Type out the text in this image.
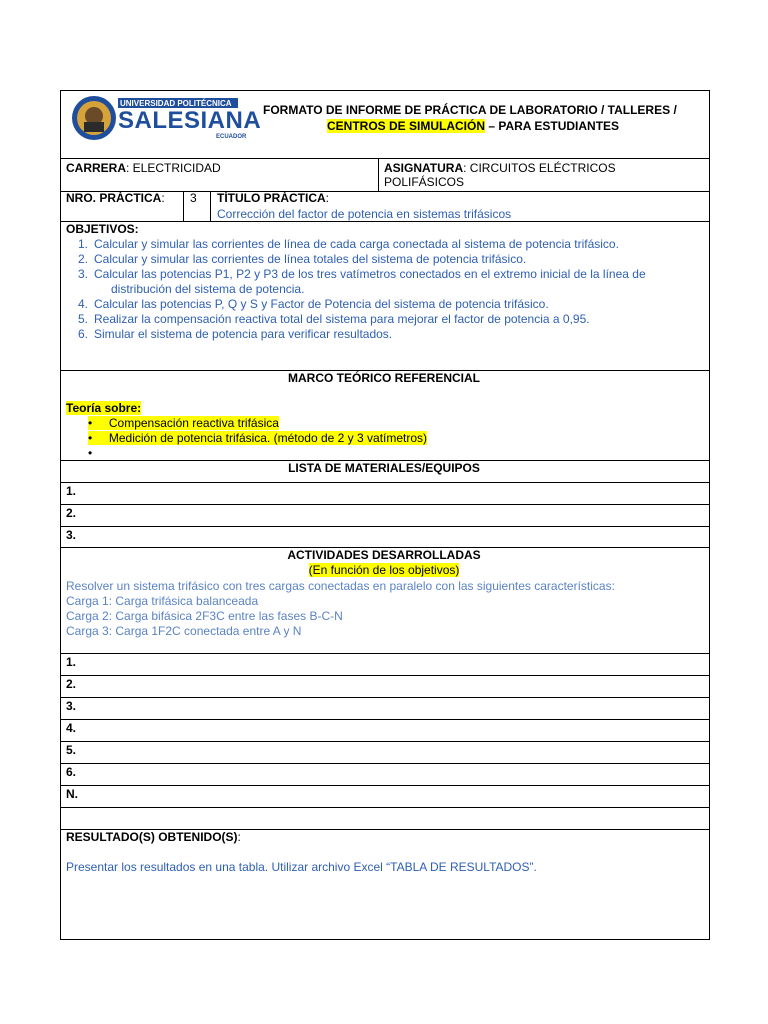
UNIVERSIDAD POLITÉCNICA
SALESIANA
ECUADOR
FORMATO DE INFORME DE PRÁCTICA DE LABORATORIO / TALLERES /
CENTROS DE SIMULACIÓN – PARA ESTUDIANTES
CARRERA: ELECTRICIDAD	ASIGNATURA: CIRCUITOS ELÉCTRICOS
POLIFÁSICOS
NRO. PRÁCTICA: 3 TÍTULO PRÁCTICA:
Corrección del factor de potencia en sistemas trifásicos
OBJETIVOS:
1. Calcular y simular las corrientes de línea de cada carga conectada al sistema de potencia trifásico.
2. Calcular y simular las corrientes de línea totales del sistema de potencia trifásico.
3. Calcular las potencias P1, P2 y P3 de los tres vatímetros conectados en el extremo inicial de la línea de
distribución del sistema de potencia.
4. Calcular las potencias P, Q y S y Factor de Potencia del sistema de potencia trifásico.
5. Realizar la compensación reactiva total del sistema para mejorar el factor de potencia a 0,95.
6. Simular el sistema de potencia para verificar resultados.
MARCO TEÓRICO REFERENCIAL
Teoría sobre:
•     Compensación reactiva trifásica
•     Medición de potencia trifásica. (método de 2 y 3 vatímetros)
•
LISTA DE MATERIALES/EQUIPOS
1.
2.
3.
ACTIVIDADES DESARROLLADAS
(En función de los objetivos)
Resolver un sistema trifásico con tres cargas conectadas en paralelo con las siguientes características:
Carga 1: Carga trifásica balanceada
Carga 2: Carga bifásica 2F3C entre las fases B-C-N
Carga 3: Carga 1F2C conectada entre A y N
1.
2.
3.
4.
5.
6.
N.
RESULTADO(S) OBTENIDO(S):
Presentar los resultados en una tabla. Utilizar archivo Excel “TABLA DE RESULTADOS”.
